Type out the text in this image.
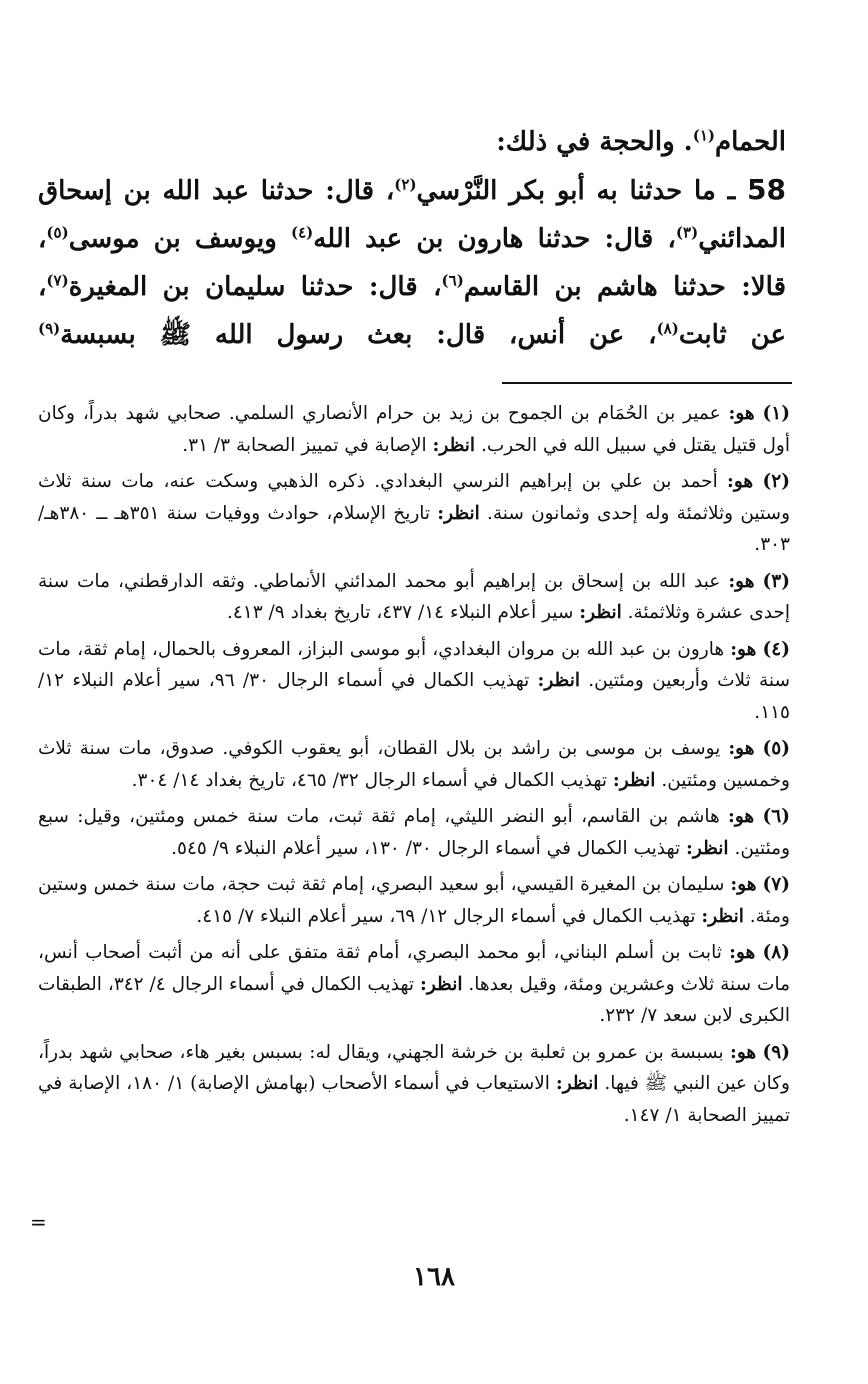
الحمام$^{(١)}$. والحجة في ذلك:
58 ـ ما حدثنا به أبو بكر النَّرْسي$^{(٢)}$، قال: حدثنا عبد الله بن إسحاق
المدائني$^{(٣)}$، قال: حدثنا هارون بن عبد الله$^{(٤)}$ ويوسف بن موسى$^{(٥)}$،
قالا: حدثنا هاشم بن القاسم$^{(٦)}$، قال: حدثنا سليمان بن المغيرة$^{(٧)}$،
عن ثابت$^{(٨)}$، عن أنس، قال: بعث رسول الله ﷺ بسبسة$^{(٩)}$

(١) هو: عمير بن الحُمَام بن الجموح بن زيد بن حرام الأنصاري السلمي. صحابي شهد بدراً، وكان أول قتيل يقتل في سبيل الله في الحرب. انظر: الإصابة في تمييز الصحابة ٣/ ٣١.

(٢) هو: أحمد بن علي بن إبراهيم النرسي البغدادي. ذكره الذهبي وسكت عنه، مات سنة ثلاث وستين وثلاثمئة وله إحدى وثمانون سنة. انظر: تاريخ الإسلام، حوادث ووفيات سنة ٣٥١هـ ــ ٣٨٠هـ/ ٣٠٣.

(٣) هو: عبد الله بن إسحاق بن إبراهيم أبو محمد المدائني الأنماطي. وثقه الدارقطني، مات سنة إحدى عشرة وثلاثمئة. انظر: سير أعلام النبلاء ١٤/ ٤٣٧، تاريخ بغداد ٩/ ٤١٣.

(٤) هو: هارون بن عبد الله بن مروان البغدادي، أبو موسى البزاز، المعروف بالحمال، إمام ثقة، مات سنة ثلاث وأربعين ومئتين. انظر: تهذيب الكمال في أسماء الرجال ٣٠/ ٩٦، سير أعلام النبلاء ١٢/ ١١٥.

(٥) هو: يوسف بن موسى بن راشد بن بلال القطان، أبو يعقوب الكوفي. صدوق، مات سنة ثلاث وخمسين ومئتين. انظر: تهذيب الكمال في أسماء الرجال ٣٢/ ٤٦٥، تاريخ بغداد ١٤/ ٣٠٤.

(٦) هو: هاشم بن القاسم، أبو النضر الليثي، إمام ثقة ثبت، مات سنة خمس ومئتين، وقيل: سبع ومئتين. انظر: تهذيب الكمال في أسماء الرجال ٣٠/ ١٣٠، سير أعلام النبلاء ٩/ ٥٤٥.

(٧) هو: سليمان بن المغيرة القيسي، أبو سعيد البصري، إمام ثقة ثبت حجة، مات سنة خمس وستين ومئة. انظر: تهذيب الكمال في أسماء الرجال ١٢/ ٦٩، سير أعلام النبلاء ٧/ ٤١٥.

(٨) هو: ثابت بن أسلم البناني، أبو محمد البصري، أمام ثقة متفق على أنه من أثبت أصحاب أنس، مات سنة ثلاث وعشرين ومئة، وقيل بعدها. انظر: تهذيب الكمال في أسماء الرجال ٤/ ٣٤٢، الطبقات الكبرى لابن سعد ٧/ ٢٣٢.

(٩) هو: بسبسة بن عمرو بن ثعلبة بن خرشة الجهني، ويقال له: بسبس بغير هاء، صحابي شهد بدراً، وكان عين النبي ﷺ فيها. انظر: الاستيعاب في أسماء الأصحاب (بهامش الإصابة) ١/ ١٨٠، الإصابة في تمييز الصحابة ١/ ١٤٧.

=
١٦٨
